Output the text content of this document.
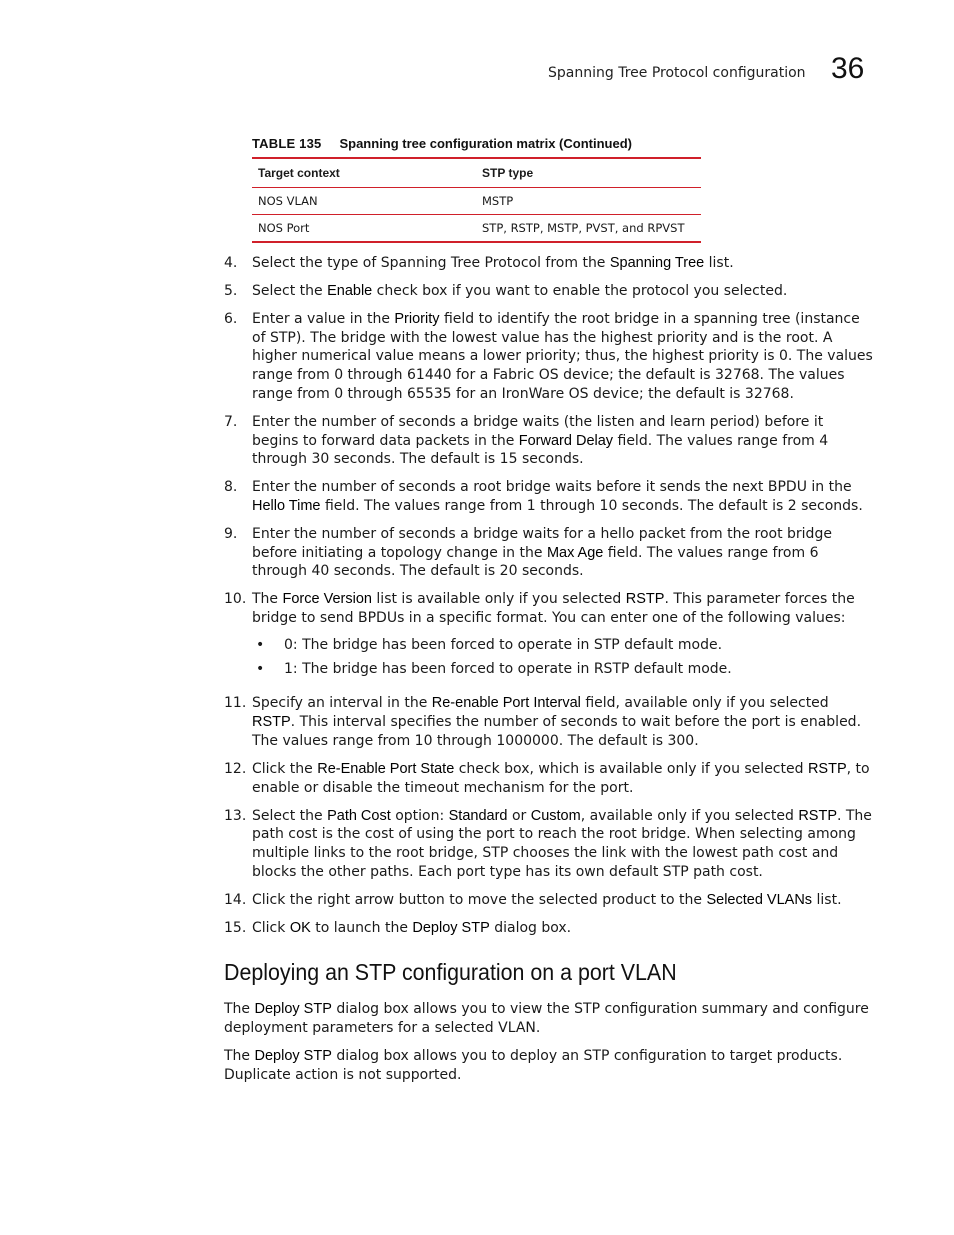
Spanning Tree Protocol configuration 36
TABLE 135 Spanning tree configuration matrix (Continued)
Target context	STP type
NOS VLAN	MSTP
NOS Port	STP, RSTP, MSTP, PVST, and RPVST
4.	Select the type of Spanning Tree Protocol from the Spanning Tree list.
5.	Select the Enable check box if you want to enable the protocol you selected.
6.	Enter a value in the Priority field to identify the root bridge in a spanning tree (instance of STP). The bridge with the lowest value has the highest priority and is the root. A higher numerical value means a lower priority; thus, the highest priority is 0. The values range from 0 through 61440 for a Fabric OS device; the default is 32768. The values range from 0 through 65535 for an IronWare OS device; the default is 32768.
7.	Enter the number of seconds a bridge waits (the listen and learn period) before it begins to forward data packets in the Forward Delay field. The values range from 4 through 30 seconds. The default is 15 seconds.
8.	Enter the number of seconds a root bridge waits before it sends the next BPDU in the Hello Time field. The values range from 1 through 10 seconds. The default is 2 seconds.
9.	Enter the number of seconds a bridge waits for a hello packet from the root bridge before initiating a topology change in the Max Age field. The values range from 6 through 40 seconds. The default is 20 seconds.
10. The Force Version list is available only if you selected RSTP. This parameter forces the bridge to send BPDUs in a specific format. You can enter one of the following values:
•	0: The bridge has been forced to operate in STP default mode.
•	1: The bridge has been forced to operate in RSTP default mode.
11. Specify an interval in the Re-enable Port Interval field, available only if you selected RSTP. This interval specifies the number of seconds to wait before the port is enabled. The values range from 10 through 1000000. The default is 300.
12. Click the Re-Enable Port State check box, which is available only if you selected RSTP, to enable or disable the timeout mechanism for the port.
13. Select the Path Cost option: Standard or Custom, available only if you selected RSTP. The path cost is the cost of using the port to reach the root bridge. When selecting among multiple links to the root bridge, STP chooses the link with the lowest path cost and blocks the other paths. Each port type has its own default STP path cost.
14. Click the right arrow button to move the selected product to the Selected VLANs list.
15. Click OK to launch the Deploy STP dialog box.
Deploying an STP configuration on a port VLAN

The Deploy STP dialog box allows you to view the STP configuration summary and configure deployment parameters for a selected VLAN.

The Deploy STP dialog box allows you to deploy an STP configuration to target products. Duplicate action is not supported.
